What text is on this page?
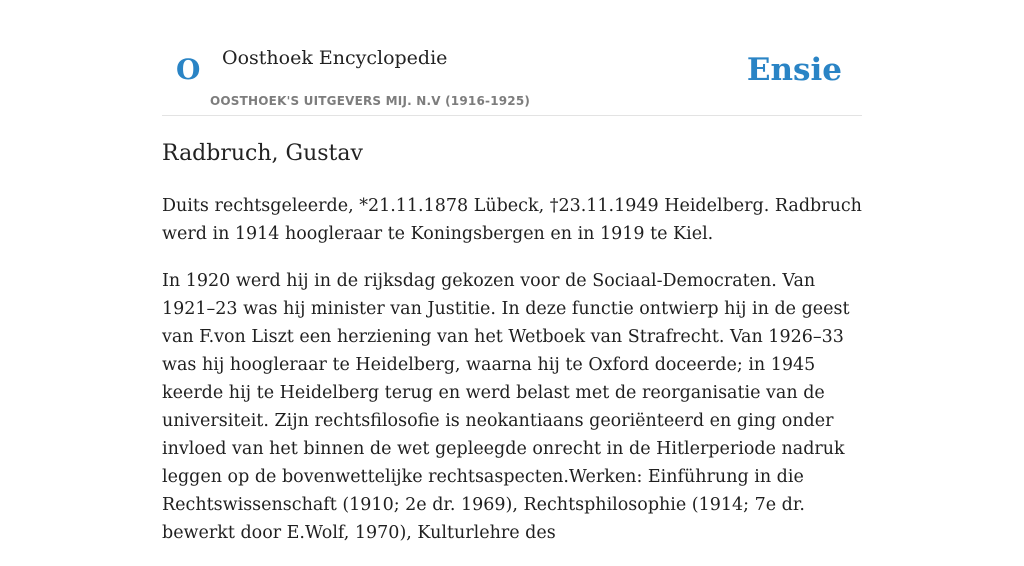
O Oosthoek Encyclopedie
OOSTHOEK'S UITGEVERS MIJ. N.V (1916-1925)
Ensie
Radbruch, Gustav

Duits rechtsgeleerde, *21.11.1878 Lübeck, †23.11.1949 Heidelberg. Radbruch werd in 1914 hoogleraar te Koningsbergen en in 1919 te Kiel.

In 1920 werd hij in de rijksdag gekozen voor de Sociaal-Democraten. Van 1921–23 was hij minister van Justitie. In deze functie ontwierp hij in de geest van F.von Liszt een herziening van het Wetboek van Strafrecht. Van 1926–33 was hij hoogleraar te Heidelberg, waarna hij te Oxford doceerde; in 1945 keerde hij te Heidelberg terug en werd belast met de reorganisatie van de universiteit. Zijn rechtsfilosofie is neokantiaans georiënteerd en ging onder invloed van het binnen de wet gepleegde onrecht in de Hitlerperiode nadruk leggen op de bovenwettelijke rechtsaspecten.Werken: Einführung in die Rechtswissenschaft (1910; 2e dr. 1969), Rechtsphilosophie (1914; 7e dr. bewerkt door E.Wolf, 1970), Kulturlehre des
